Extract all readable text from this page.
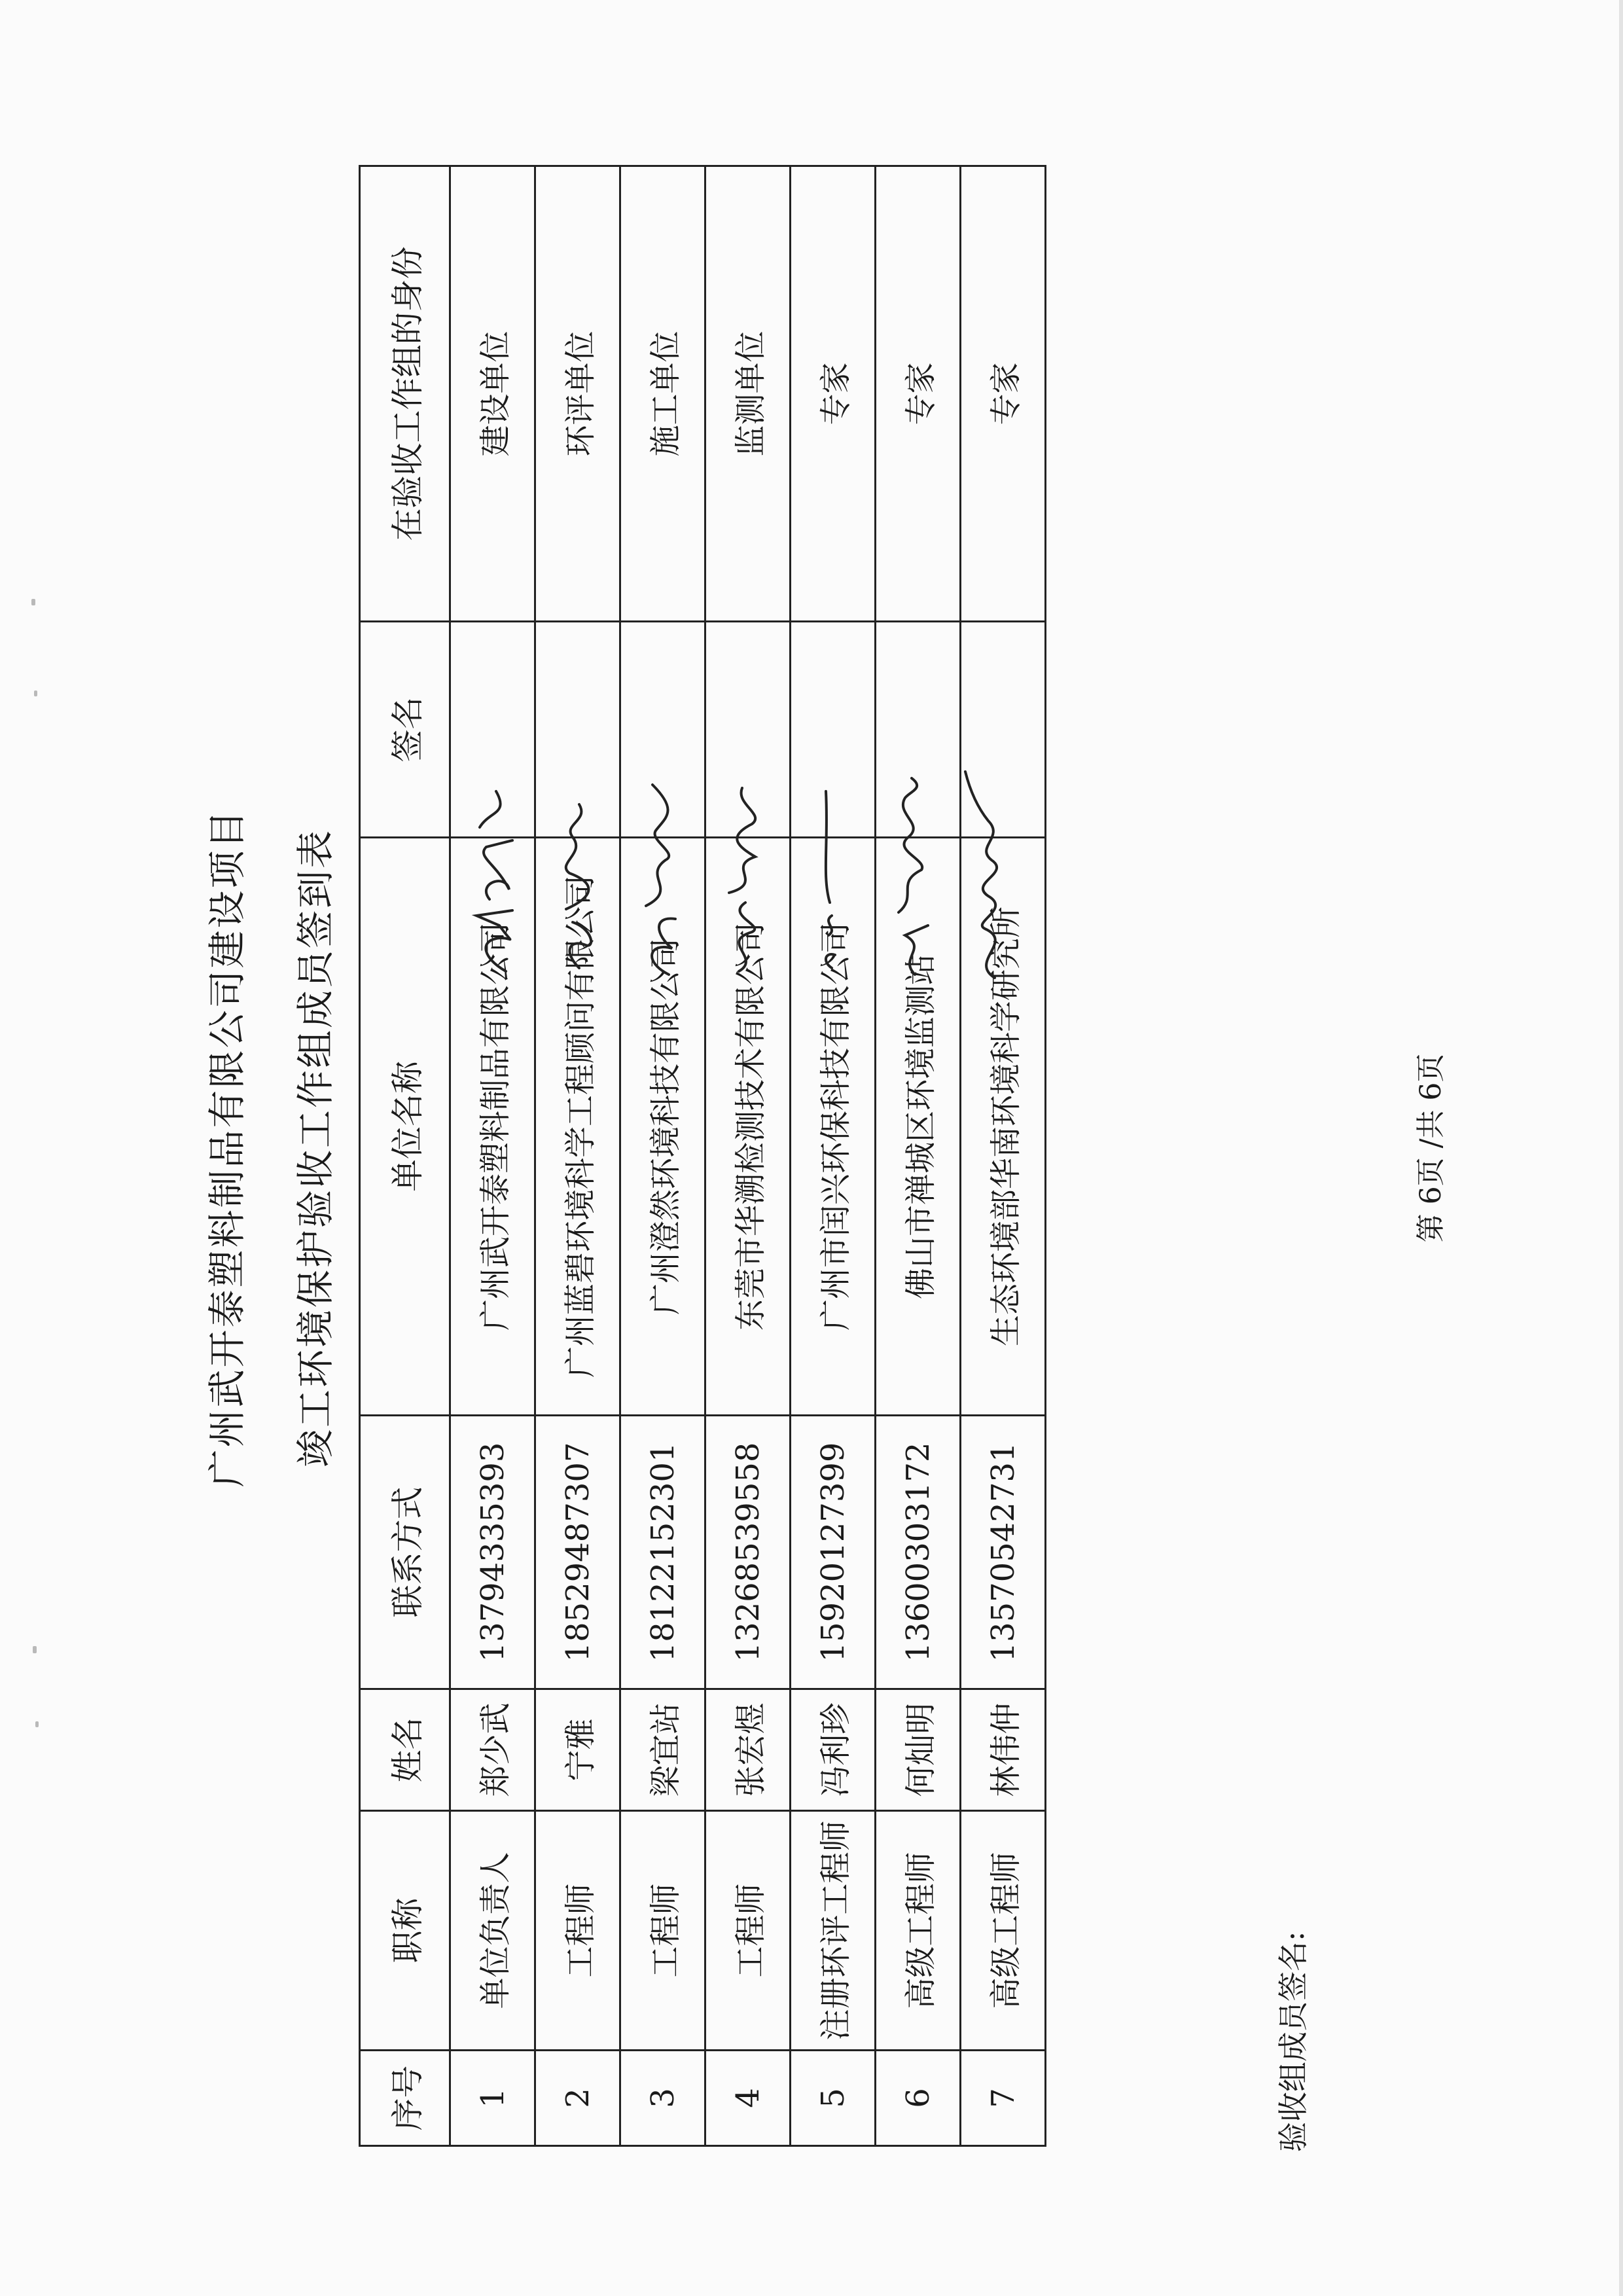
广州武开泰塑料制品有限公司建设项目 竣工环境保护验收工作组成员签到表
序号	职称	姓名	联系方式	单位名称	签名	在验收工作组的身份
1	单位负责人	郑少武	13794335393	广州武开泰塑料制品有限公司		建设单位
2	工程师	宁雅	18529487307	广州蓝碧环境科学工程顾问有限公司		环评单位
3	工程师	梁宜站	18122152301	广州澄然环境科技有限公司		施工单位
4	工程师	张宏煜	13268539558	东莞市华溯检测技术有限公司		监测单位
5	注册环评工程师	冯利珍	15920127399	广州市闰兴环保科技有限公司		专家
6	高级工程师	何灿明	13600303172	佛山市禅城区环境监测站		专家
7	高级工程师	林伟仲	13570542731	生态环境部华南环境科学研究所		专家
第 6页 /共 6页
验收组成员签名:
